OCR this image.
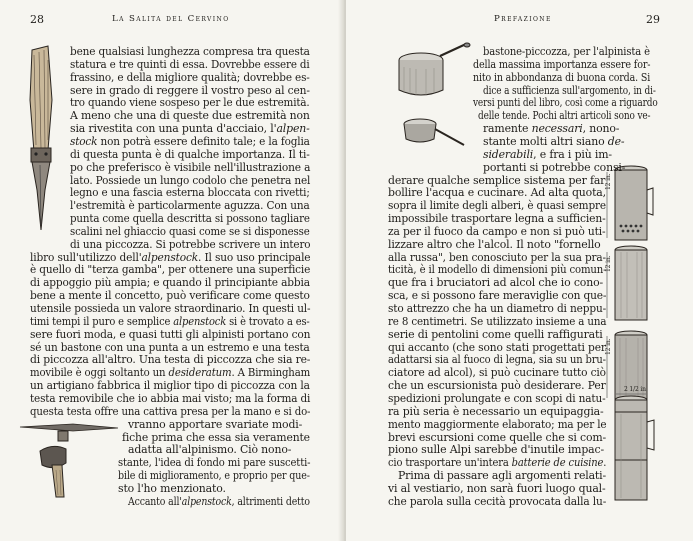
28	La Salita del Cervino
bene qualsiasi lunghezza compresa tra questa
statura e tre quinti di essa. Dovrebbe essere di
frassino, e della migliore qualità; dovrebbe es-
sere in grado di reggere il vostro peso al cen-
tro quando viene sospeso per le due estremità.
A meno che una di queste due estremità non
sia rivestita con una punta d'acciaio, l'alpen-
stock non potrà essere definito tale; e la foglia
di questa punta è di qualche importanza. Il ti-
po che preferisco è visibile nell'illustrazione a
lato. Possiede un lungo codolo che penetra nel
legno e una fascia esterna bloccata con rivetti;
l'estremità è particolarmente aguzza. Con una
punta come quella descritta si possono tagliare
scalini nel ghiaccio quasi come se si disponesse
di una piccozza. Si potrebbe scrivere un intero
libro sull'utilizzo dell'alpenstock. Il suo uso principale
è quello di "terza gamba", per ottenere una superficie
di appoggio più ampia; e quando il principiante abbia
bene a mente il concetto, può verificare come questo
utensile possieda un valore straordinario. In questi ul-
timi tempi il puro e semplice alpenstock si è trovato a es-
sere fuori moda, e quasi tutti gli alpinisti portano con
sé un bastone con una punta a un estremo e una testa
di piccozza all'altro. Una testa di piccozza che sia re-
movibile è oggi soltanto un desideratum. A Birmingham
un artigiano fabbrica il miglior tipo di piccozza con la
testa removibile che io abbia mai visto; ma la forma di
questa testa offre una cattiva presa per la mano e si do-
vranno apportare svariate modi-
fiche prima che essa sia veramente
adatta all'alpinismo. Ciò nono-
stante, l'idea di fondo mi pare suscetti-
bile di miglioramento, e proprio per que-
sto l'ho menzionato.
Accanto all'alpenstock, altrimenti detto
Prefazione	29
12 in.
12 in.
12 in.
2 1/2 in.
bastone-piccozza, per l'alpinista è
della massima importanza essere for-
nito in abbondanza di buona corda. Si
dice a sufficienza sull'argomento, in di-
versi punti del libro, così come a riguardo
delle tende. Pochi altri articoli sono ve-
ramente necessari, nono-
stante molti altri siano de-
siderabili, e fra i più im-
portanti si potrebbe consi-
derare qualche semplice sistema per far
bollire l'acqua e cucinare. Ad alta quota,
sopra il limite degli alberi, è quasi sempre
impossibile trasportare legna a sufficien-
za per il fuoco da campo e non si può uti-
lizzare altro che l'alcol. Il noto "fornello
alla russa", ben conosciuto per la sua pra-
ticità, è il modello di dimensioni più comun-
que fra i bruciatori ad alcol che io cono-
sca, e si possono fare meraviglie con que-
sto attrezzo che ha un diametro di neppu-
re 8 centimetri. Se utilizzato insieme a una
serie di pentolini come quelli raffigurati
qui accanto (che sono stati progettati per
adattarsi sia al fuoco di legna, sia su un bru-
ciatore ad alcol), si può cucinare tutto ciò
che un escursionista può desiderare. Per
spedizioni prolungate e con scopi di natu-
ra più seria è necessario un equipaggia-
mento maggiormente elaborato; ma per le
brevi escursioni come quelle che si com-
piono sulle Alpi sarebbe d'inutile impac-
cio trasportare un'intera batterie de cuisine.
Prima di passare agli argomenti relati-
vi al vestiario, non sarà fuori luogo qual-
che parola sulla cecità provocata dalla lu-
